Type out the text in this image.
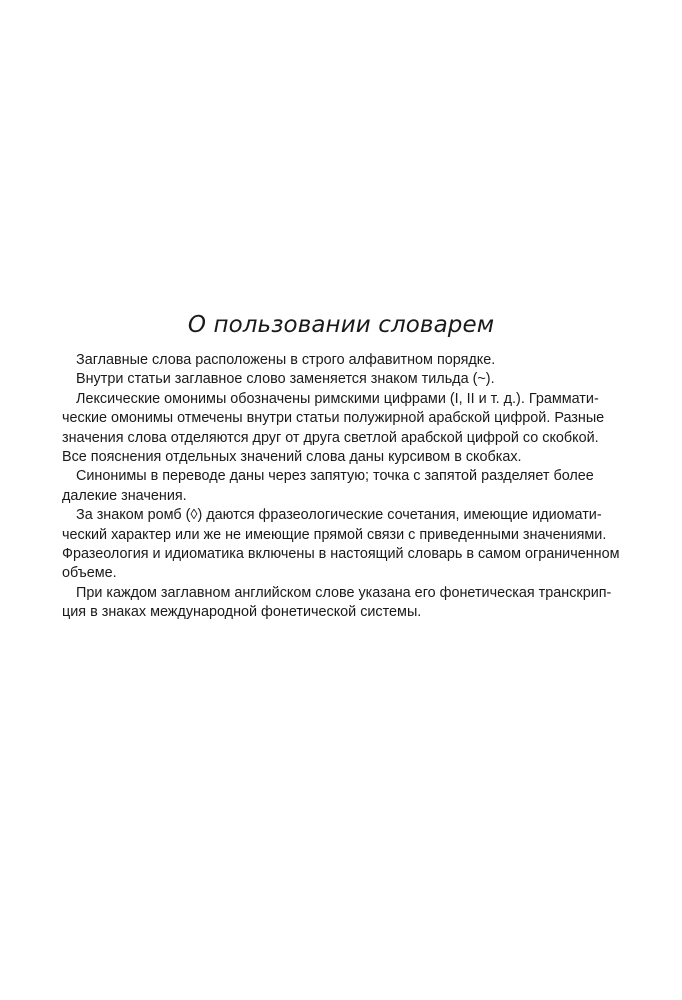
О пользовании словарем
Заглавные слова расположены в строго алфавитном порядке.
Внутри статьи заглавное слово заменяется знаком тильда (~).
Лексические омонимы обозначены римскими цифрами (I, II и т. д.). Граммати-
ческие омонимы отмечены внутри статьи полужирной арабской цифрой. Разные
значения слова отделяются друг от друга светлой арабской цифрой со скобкой.
Все пояснения отдельных значений слова даны курсивом в скобках.
Синонимы в переводе даны через запятую; точка с запятой разделяет более
далекие значения.
За знаком ромб (◊) даются фразеологические сочетания, имеющие идиомати-
ческий характер или же не имеющие прямой связи с приведенными значениями.
Фразеология и идиоматика включены в настоящий словарь в самом ограниченном
объеме.
При каждом заглавном английском слове указана его фонетическая транскрип-
ция в знаках международной фонетической системы.
